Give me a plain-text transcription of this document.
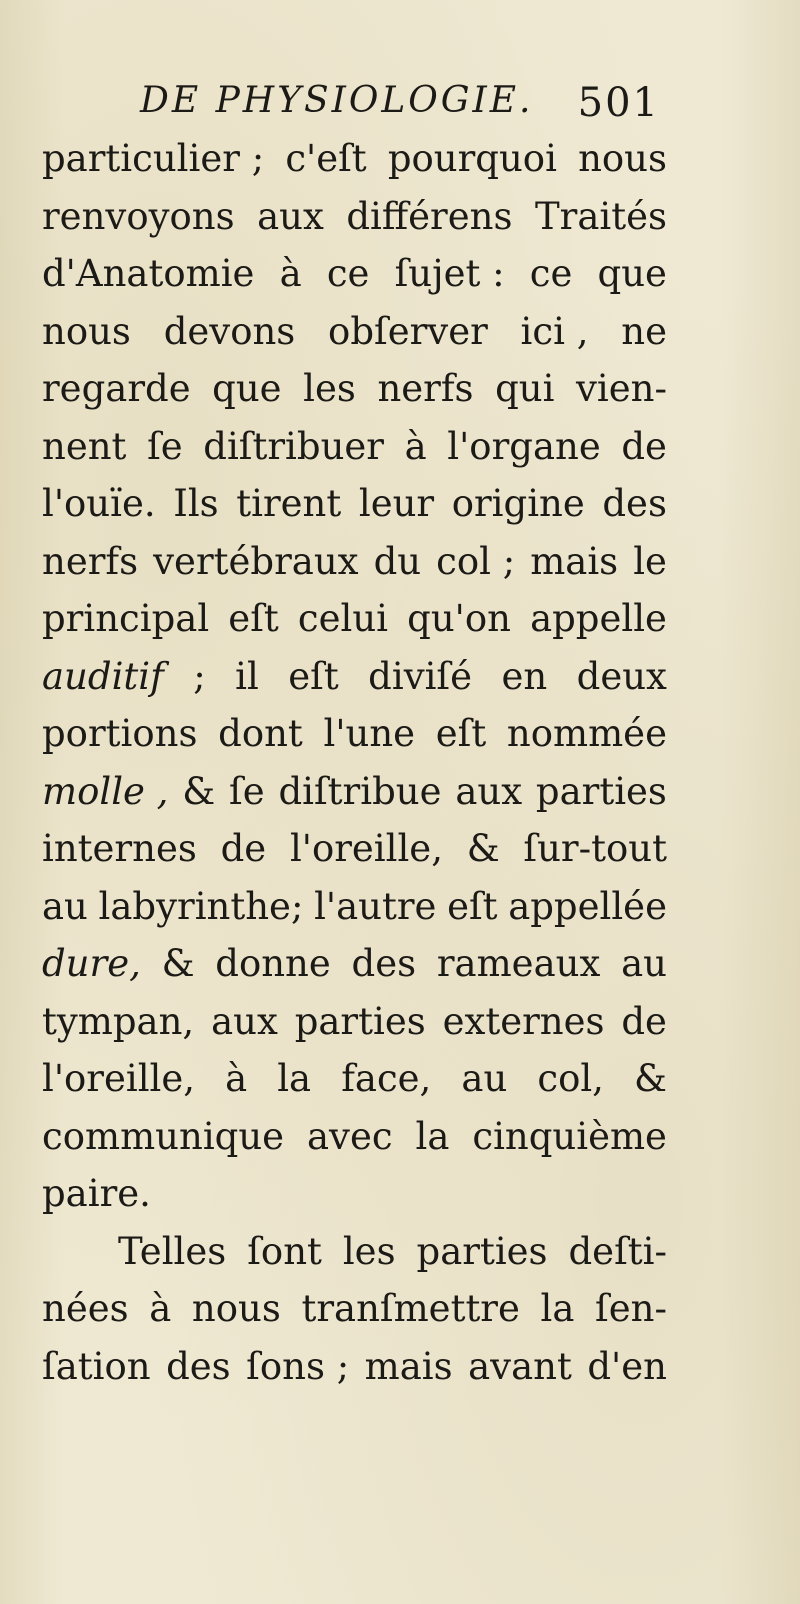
DE PHYSIOLOGIE. 501
particulier ; c'eſt pourquoi nous
renvoyons aux différens Traités
d'Anatomie à ce ſujet : ce que
nous devons obſerver ici , ne
regarde que les nerfs qui vien-
nent ſe diſtribuer à l'organe de
l'ouïe. Ils tirent leur origine des
nerfs vertébraux du col ; mais le
principal eſt celui qu'on appelle
auditif ; il eſt diviſé en deux
portions dont l'une eſt nommée
molle , & ſe diſtribue aux parties
internes de l'oreille, & ſur-tout
au labyrinthe; l'autre eſt appellée
dure, & donne des rameaux au
tympan, aux parties externes de
l'oreille, à la face, au col, &
communique avec la cinquième
paire.
Telles ſont les parties deſti-
nées à nous tranſmettre la ſen-
ſation des ſons ; mais avant d'en
